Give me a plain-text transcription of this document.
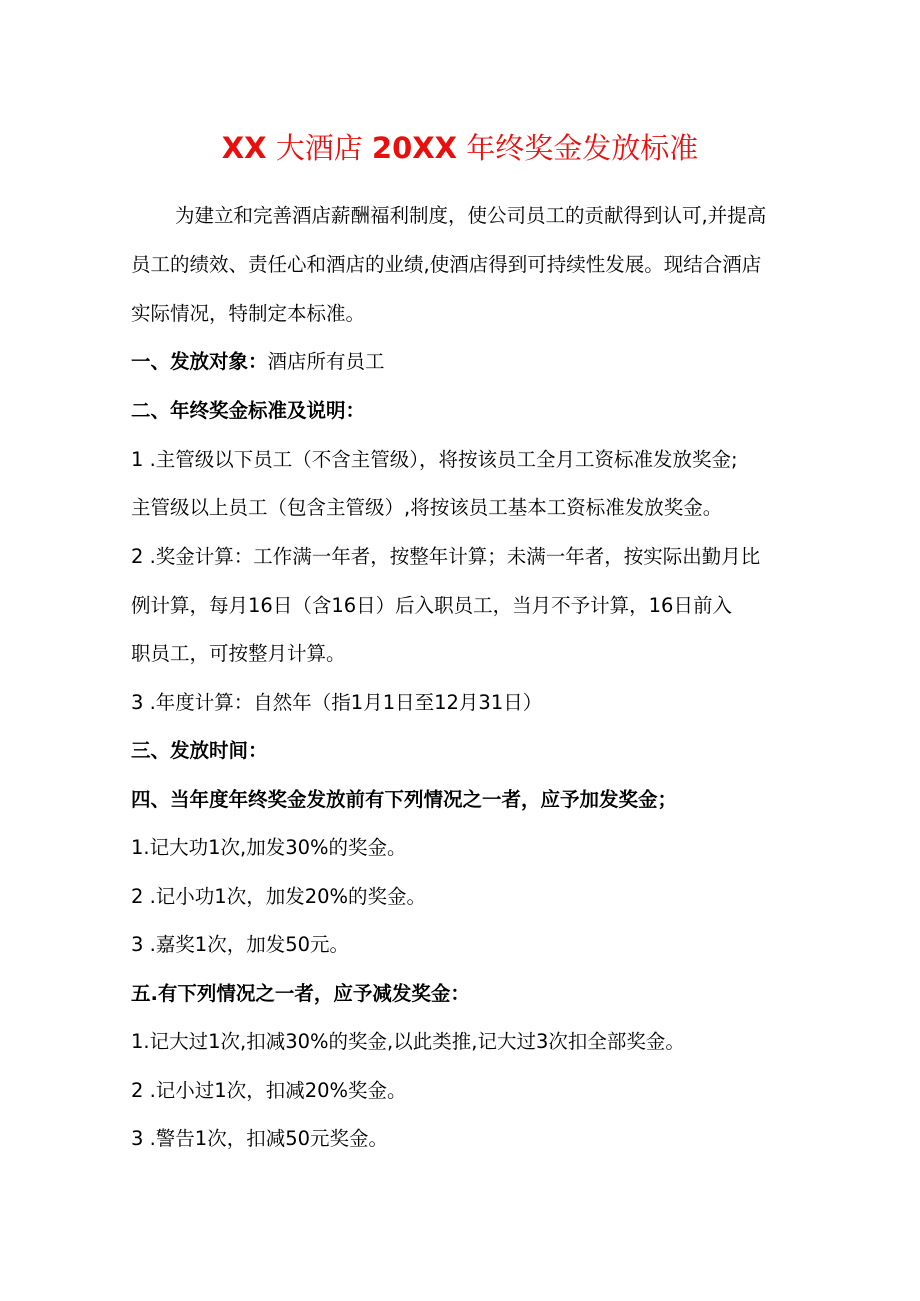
XX 大酒店 20XX 年终奖金发放标准

为建立和完善酒店薪酬福利制度，使公司员工的贡献得到认可,并提高

员工的绩效、责任心和酒店的业绩,使酒店得到可持续性发展。现结合酒店

实际情况，特制定本标准。

一、发放对象：酒店所有员工

二、年终奖金标准及说明：

1 .主管级以下员工（不含主管级），将按该员工全月工资标准发放奖金;

主管级以上员工（包含主管级）,将按该员工基本工资标准发放奖金。

2 .奖金计算：工作满一年者，按整年计算；未满一年者，按实际出勤月比

例计算，每月16日（含16日）后入职员工，当月不予计算，16日前入

职员工，可按整月计算。

3 .年度计算：自然年（指1月1日至12月31日）

三、发放时间：

四、当年度年终奖金发放前有下列情况之一者，应予加发奖金；

1.记大功1次,加发30%的奖金。

2 .记小功1次，加发20%的奖金。

3 .嘉奖1次，加发50元。

五.有下列情况之一者，应予减发奖金：

1.记大过1次,扣减30%的奖金,以此类推,记大过3次扣全部奖金。

2 .记小过1次，扣减20%奖金。

3 .警告1次，扣减50元奖金。
